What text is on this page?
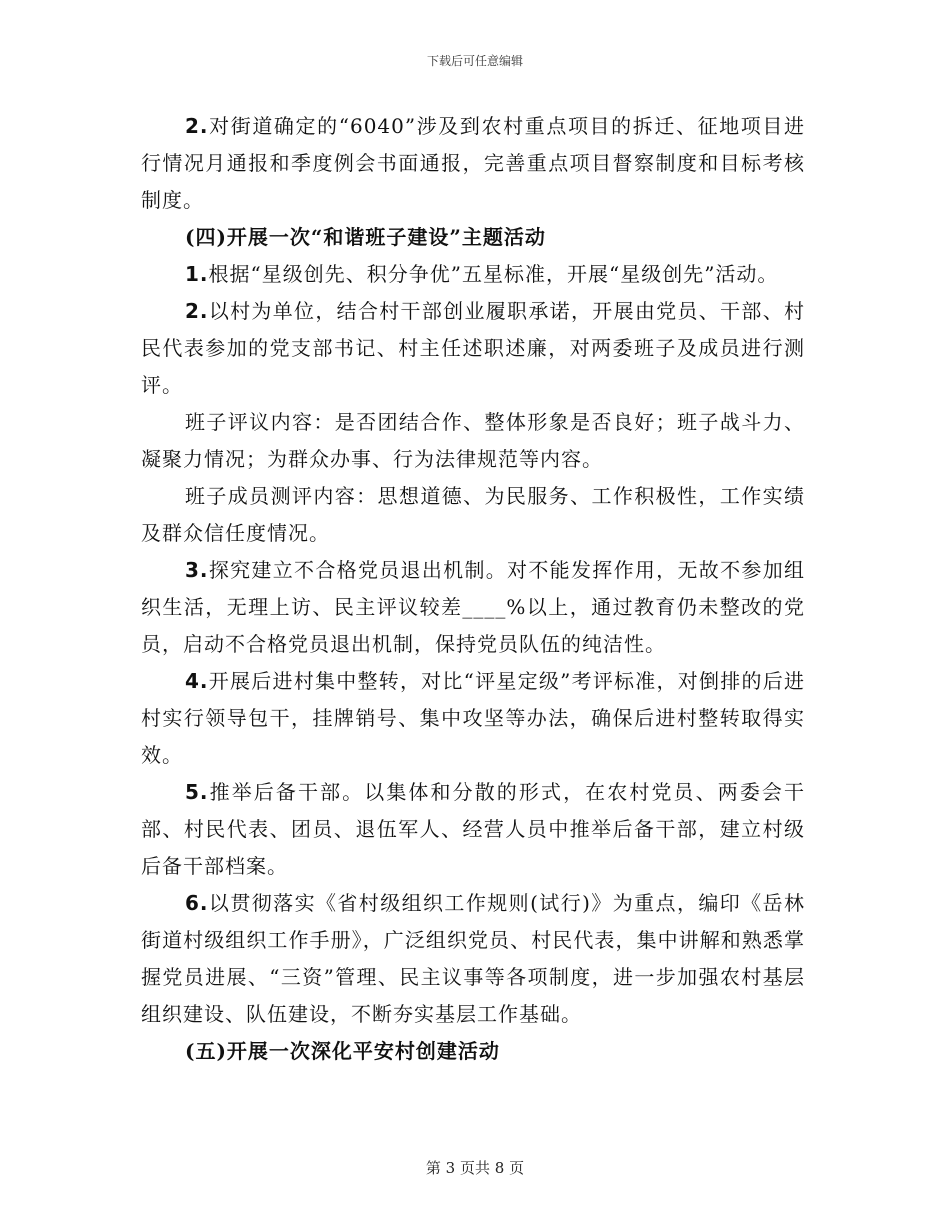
下载后可任意编辑

2.对街道确定的“6040”涉及到农村重点项目的拆迁、征地项目进行情况月通报和季度例会书面通报，完善重点项目督察制度和目标考核制度。

(四)开展一次“和谐班子建设”主题活动

1.根据“星级创先、积分争优”五星标准，开展“星级创先”活动。

2.以村为单位，结合村干部创业履职承诺，开展由党员、干部、村民代表参加的党支部书记、村主任述职述廉，对两委班子及成员进行测评。

班子评议内容：是否团结合作、整体形象是否良好；班子战斗力、凝聚力情况；为群众办事、行为法律规范等内容。

班子成员测评内容：思想道德、为民服务、工作积极性，工作实绩及群众信任度情况。

3.探究建立不合格党员退出机制。对不能发挥作用，无故不参加组织生活，无理上访、民主评议较差____%以上，通过教育仍未整改的党员，启动不合格党员退出机制，保持党员队伍的纯洁性。

4.开展后进村集中整转，对比“评星定级”考评标准，对倒排的后进村实行领导包干，挂牌销号、集中攻坚等办法，确保后进村整转取得实效。

5.推举后备干部。以集体和分散的形式，在农村党员、两委会干部、村民代表、团员、退伍军人、经营人员中推举后备干部，建立村级后备干部档案。

6.以贯彻落实《省村级组织工作规则(试行)》为重点，编印《岳林街道村级组织工作手册》，广泛组织党员、村民代表，集中讲解和熟悉掌握党员进展、“三资”管理、民主议事等各项制度，进一步加强农村基层组织建设、队伍建设，不断夯实基层工作基础。

(五)开展一次深化平安村创建活动

第 3 页共 8 页
